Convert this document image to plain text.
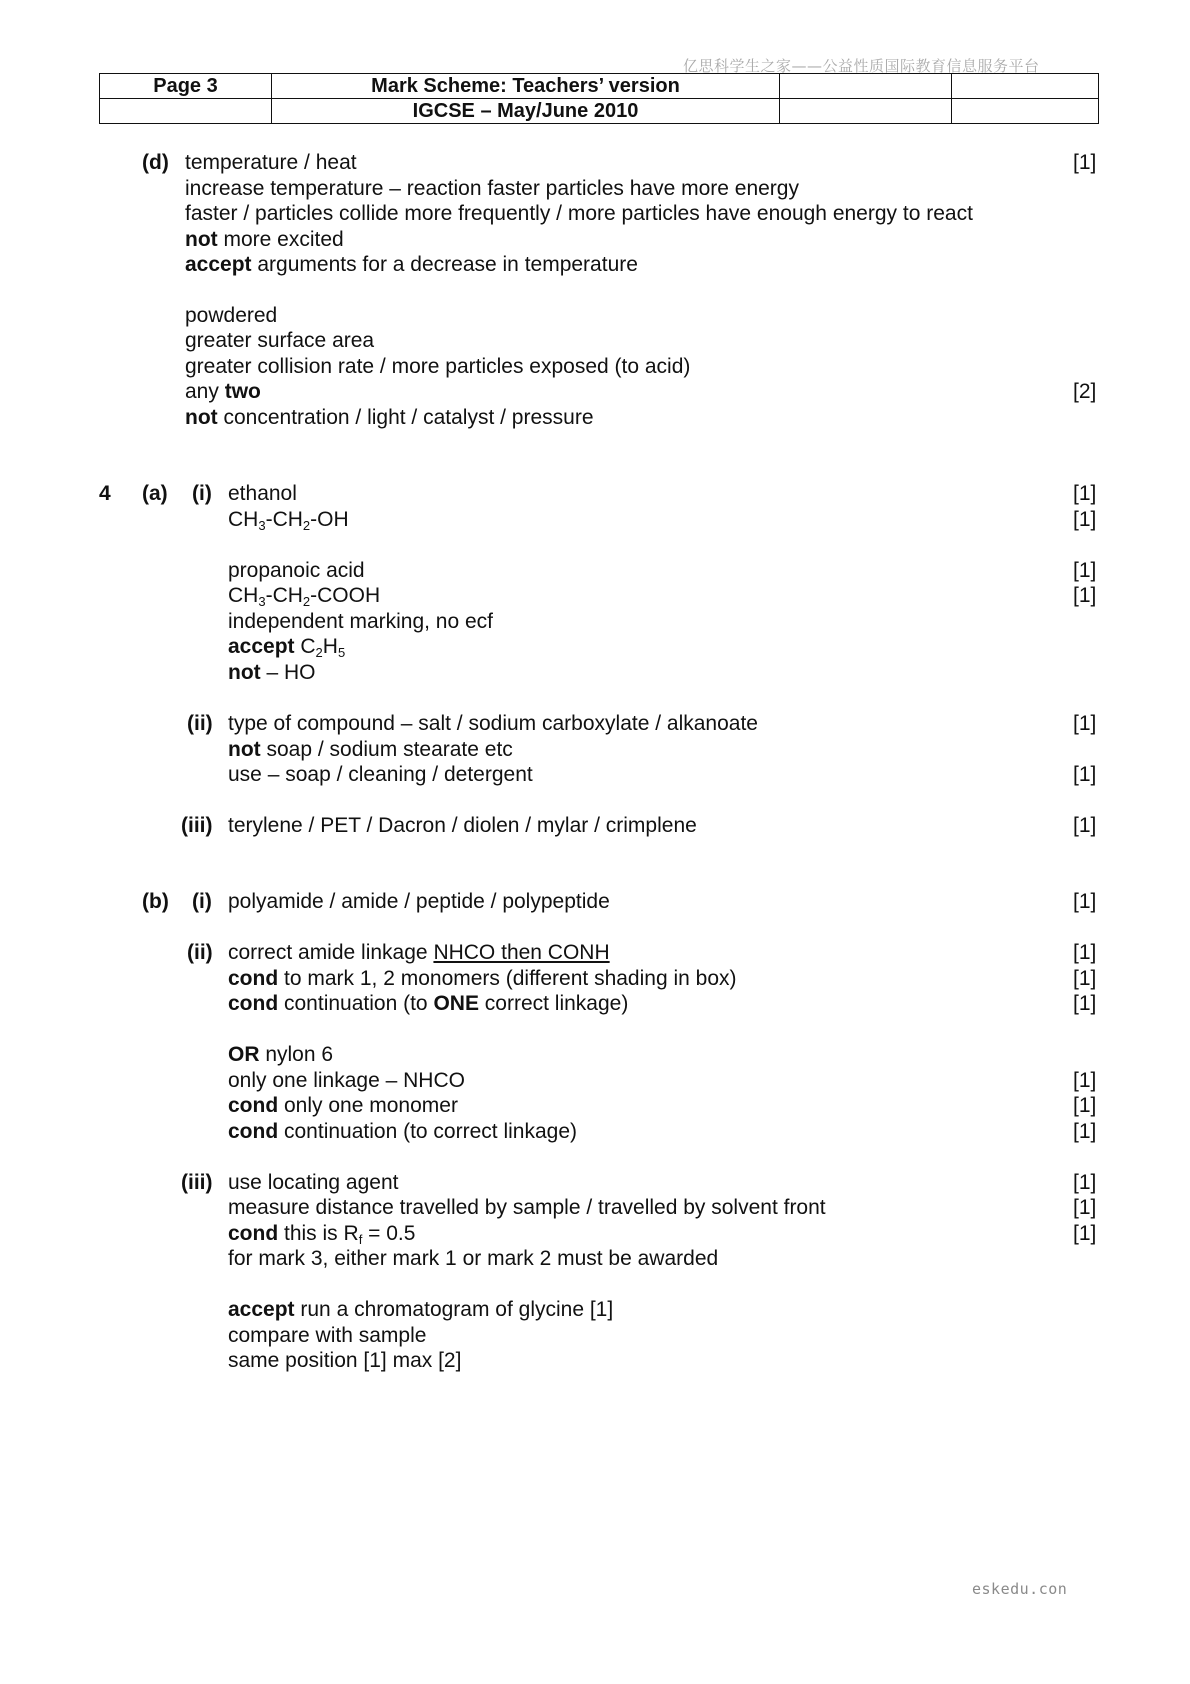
亿思科学生之家——公益性质国际教育信息服务平台
Page 3	Mark Scheme: Teachers’ version		
	IGCSE – May/June 2010		
(d) temperature / heat	[1]
increase temperature – reaction faster particles have more energy
faster / particles collide more frequently / more particles have enough energy to react
not more excited
accept arguments for a decrease in temperature
powdered
greater surface area
greater collision rate / more particles exposed (to acid)
any two	[2]
not concentration / light / catalyst / pressure
4 (a) (i) ethanol	[1]
$CH_3-CH_2-OH$	[1]
propanoic acid	[1]
$CH_3-CH_2$-COOH	[1]
independent marking, no ecf
accept $C_2H_5$
not – HO
(ii) type of compound – salt / sodium carboxylate / alkanoate	[1]
not soap / sodium stearate etc
use – soap / cleaning / detergent	[1]
(iii) terylene / PET / Dacron / diolen / mylar / crimplene	[1]
(b) (i) polyamide / amide / peptide / polypeptide	[1]
(ii) correct amide linkage NHCO then CONH	[1]
cond to mark 1, 2 monomers (different shading in box)	[1]
cond continuation (to ONE correct linkage)	[1]
OR nylon 6
only one linkage – NHCO	[1]
cond only one monomer	[1]
cond continuation (to correct linkage)	[1]
(iii) use locating agent	[1]
measure distance travelled by sample / travelled by solvent front	[1]
cond this is $R_f = 0.5$	[1]
for mark 3, either mark 1 or mark 2 must be awarded
accept run a chromatogram of glycine [1]
compare with sample
same position [1] max [2]
eskedu.con
